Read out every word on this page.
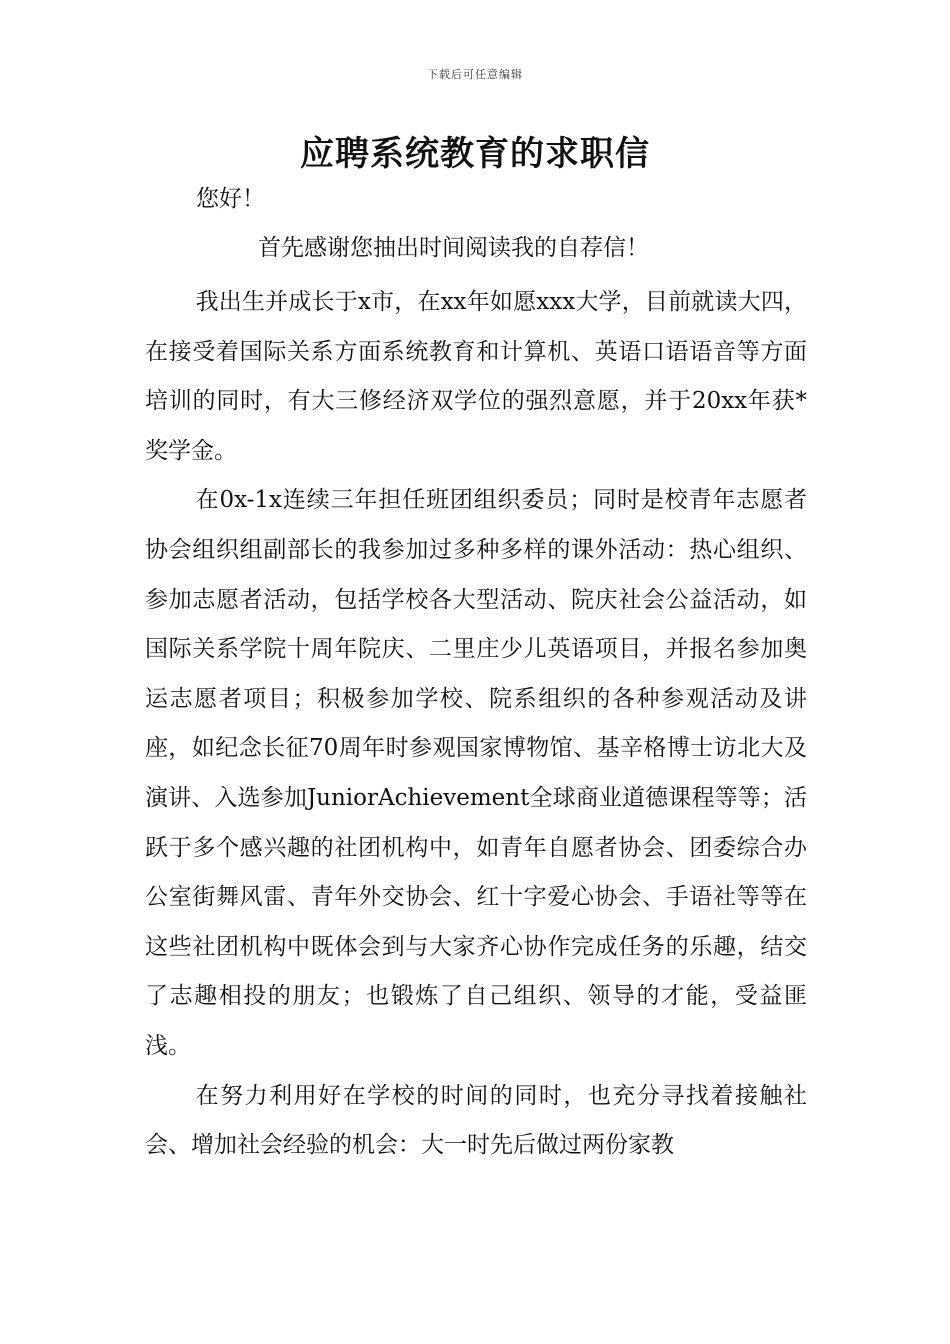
下载后可任意编辑
应聘系统教育的求职信

您好！

首先感谢您抽出时间阅读我的自荐信！

我出生并成长于x市，在xx年如愿xxx大学，目前就读大四，在接受着国际关系方面系统教育和计算机、英语口语语音等方面培训的同时，有大三修经济双学位的强烈意愿，并于20xx年获*奖学金。

在0x-1x连续三年担任班团组织委员；同时是校青年志愿者协会组织组副部长的我参加过多种多样的课外活动：热心组织、参加志愿者活动，包括学校各大型活动、院庆社会公益活动，如国际关系学院十周年院庆、二里庄少儿英语项目，并报名参加奥运志愿者项目；积极参加学校、院系组织的各种参观活动及讲座，如纪念长征70周年时参观国家博物馆、基辛格博士访北大及演讲、入选参加JuniorAchievement全球商业道德课程等等；活跃于多个感兴趣的社团机构中，如青年自愿者协会、团委综合办公室街舞风雷、青年外交协会、红十字爱心协会、手语社等等在这些社团机构中既体会到与大家齐心协作完成任务的乐趣，结交了志趣相投的朋友；也锻炼了自己组织、领导的才能，受益匪浅。

在努力利用好在学校的时间的同时，也充分寻找着接触社会、增加社会经验的机会：大一时先后做过两份家教
